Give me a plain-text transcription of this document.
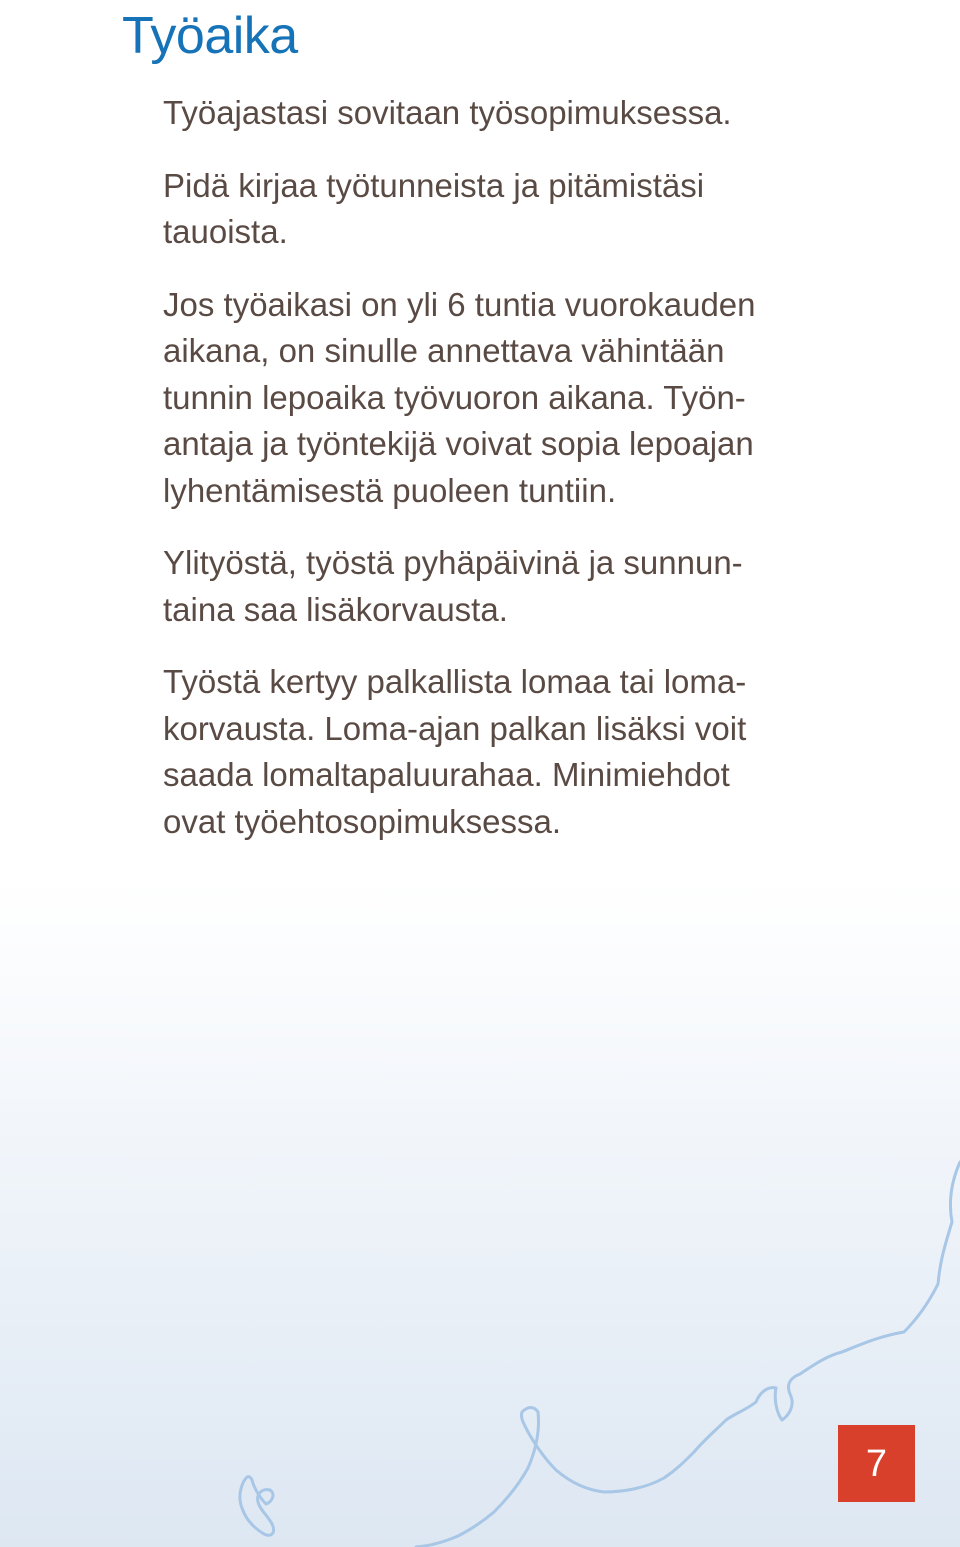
Työaika

Työajastasi sovitaan työsopimuksessa.

Pidä kirjaa työtunneista ja pitämistäsi
tauoista.

Jos työaikasi on yli 6 tuntia vuorokauden
aikana, on sinulle annettava vähintään
tunnin lepoaika työvuoron aikana. Työn-
antaja ja työntekijä voivat sopia lepoajan
lyhentämisestä puoleen tuntiin.

Ylityöstä, työstä pyhäpäivinä ja sunnun-
taina saa lisäkorvausta.

Työstä kertyy palkallista lomaa tai loma-
korvausta. Loma-ajan palkan lisäksi voit
saada lomaltapaluurahaa. Minimiehdot
ovat työehtosopimuksessa.

7
